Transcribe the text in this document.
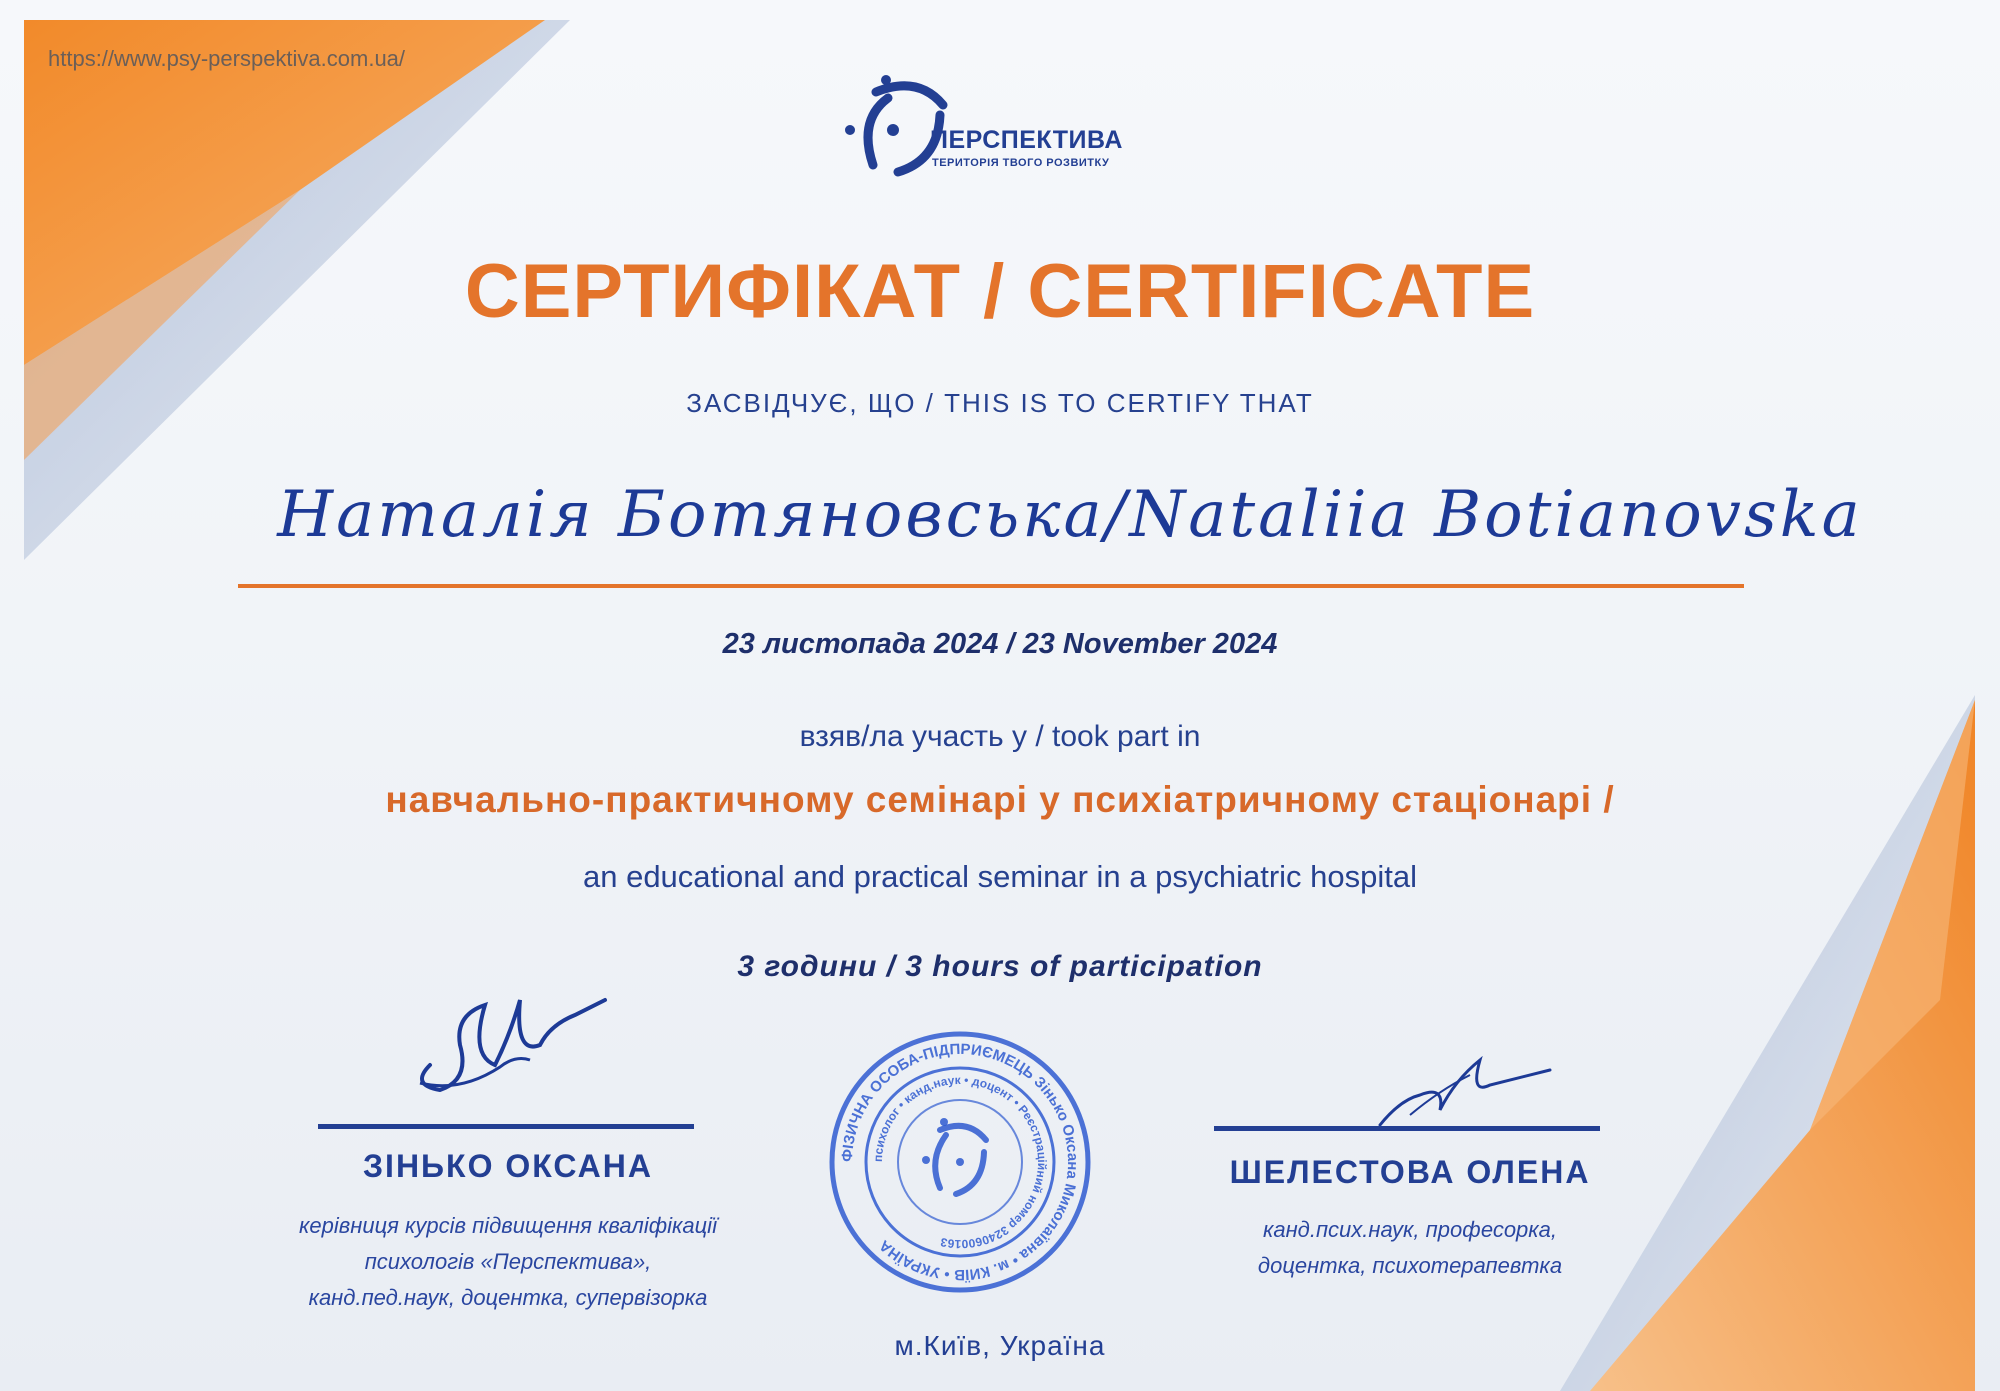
https://www.psy-perspektiva.com.ua/
ПЕРСПЕКТИВА
ТЕРИТОРІЯ ТВОГО РОЗВИТКУ
СЕРТИФІКАТ / CERTIFICATE
ЗАСВІДЧУЄ, ЩО / THIS IS TO CERTIFY THAT
Наталія Ботяновська/Nataliia Botianovska
23 листопада 2024 / 23 November 2024
взяв/ла участь у / took part in
навчально-практичному семінарі у психіатричному стаціонарі /
an educational and practical seminar in a psychiatric hospital
3 години / 3 hours of participation
ЗІНЬКО ОКСАНА
керівниця курсів підвищення кваліфікації
психологів «Перспектива»,
канд.пед.наук, доцентка, супервізорка
ФІЗИЧНА ОСОБА-ПІДПРИЄМЕЦЬ Зінько Оксана Миколаївна • м. КИЇВ • УКРАЇНА
психолог • канд.наук • доцент • Реєстраційний номер 3240600163
ШЕЛЕСТОВА ОЛЕНА
канд.псих.наук, професорка,
доцентка, психотерапевтка
м.Київ, Україна
